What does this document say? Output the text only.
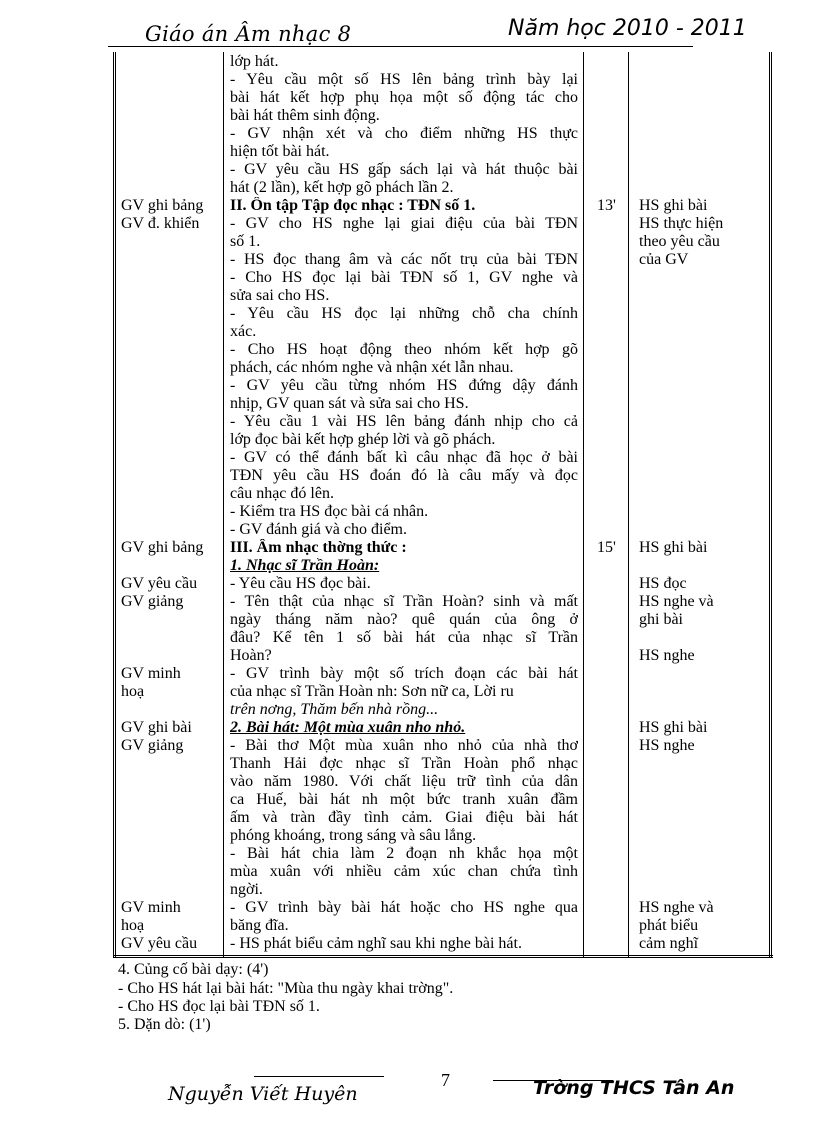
Giáo án Âm nhạc 8	Năm học 2010 - 2011
GV ghi bảng
GV đ. khiển
GV ghi bảng
GV yêu cầu
GV giảng
GV minh
hoạ
GV ghi bài
GV giảng
GV minh
hoạ
GV yêu cầu
lớp hát.
- Yêu cầu một số HS lên bảng trình bày lại
bài hát kết hợp phụ họa một số động tác cho
bài hát thêm sinh động.
- GV nhận xét và cho điểm những HS thực
hiện tốt bài hát.
- GV yêu cầu HS gấp sách lại và hát thuộc bài
hát (2 lần), kết hợp gõ phách lần 2.
II. Ôn tập Tập đọc nhạc : TĐN số 1.
- GV cho HS nghe lại giai điệu của bài TĐN
số 1.
- HS đọc thang âm và các nốt trụ của bài TĐN
- Cho HS đọc lại bài TĐN số 1, GV nghe và
sửa sai cho HS.
- Yêu cầu HS đọc lại những chỗ cha chính
xác.
- Cho HS hoạt động theo nhóm kết hợp gõ
phách, các nhóm nghe và nhận xét lẫn nhau.
- GV yêu cầu từng nhóm HS đứng dậy đánh
nhịp, GV quan sát và sửa sai cho HS.
- Yêu cầu 1 vài HS lên bảng đánh nhịp cho cả
lớp đọc bài kết hợp ghép lời và gõ phách.
- GV có thể đánh bất kì câu nhạc đã học ở bài
TĐN yêu cầu HS đoán đó là câu mấy và đọc
câu nhạc đó lên.
- Kiểm tra HS đọc bài cá nhân.
- GV đánh giá và cho điểm.
III. Âm nhạc thờng thức :
1. Nhạc sĩ Trần Hoàn:
- Yêu cầu HS đọc bài.
- Tên thật của nhạc sĩ Trần Hoàn? sinh và mất
ngày tháng năm nào? quê quán của ông ở
đâu? Kể tên 1 số bài hát của nhạc sĩ Trần
Hoàn?
- GV trình bày một số trích đoạn các bài hát
của nhạc sĩ Trần Hoàn nh: Sơn nữ ca, Lời ru
trên nơng, Thăm bến nhà rồng...
2. Bài hát: Một mùa xuân nho nhỏ.
- Bài thơ Một mùa xuân nho nhỏ của nhà thơ
Thanh Hải đợc nhạc sĩ Trần Hoàn phổ nhạc
vào năm 1980. Với chất liệu trữ tình của dân
ca Huế, bài hát nh một bức tranh xuân đầm
ấm và tràn đầy tình cảm. Giai điệu bài hát
phóng khoáng, trong sáng và sâu lắng.
- Bài hát chia làm 2 đoạn nh khắc họa một
mùa xuân với nhiều cảm xúc chan chứa tình
ngời.
- GV trình bày bài hát hoặc cho HS nghe qua
băng đĩa.
- HS phát biểu cảm nghĩ sau khi nghe bài hát.
13'
15'
HS ghi bài
HS thực hiện
theo yêu cầu
của GV
HS ghi bài
HS đọc
HS nghe và
ghi bài
HS nghe
HS ghi bài
HS nghe
HS nghe và
phát biểu
cảm nghĩ
4. Củng cố bài dạy: (4')
- Cho HS hát lại bài hát: "Mùa thu ngày khai trờng".
- Cho HS đọc lại bài TĐN số 1.
5. Dặn dò: (1')
Nguyễn Viết Huyên
7	Trờng THCS Tân An
